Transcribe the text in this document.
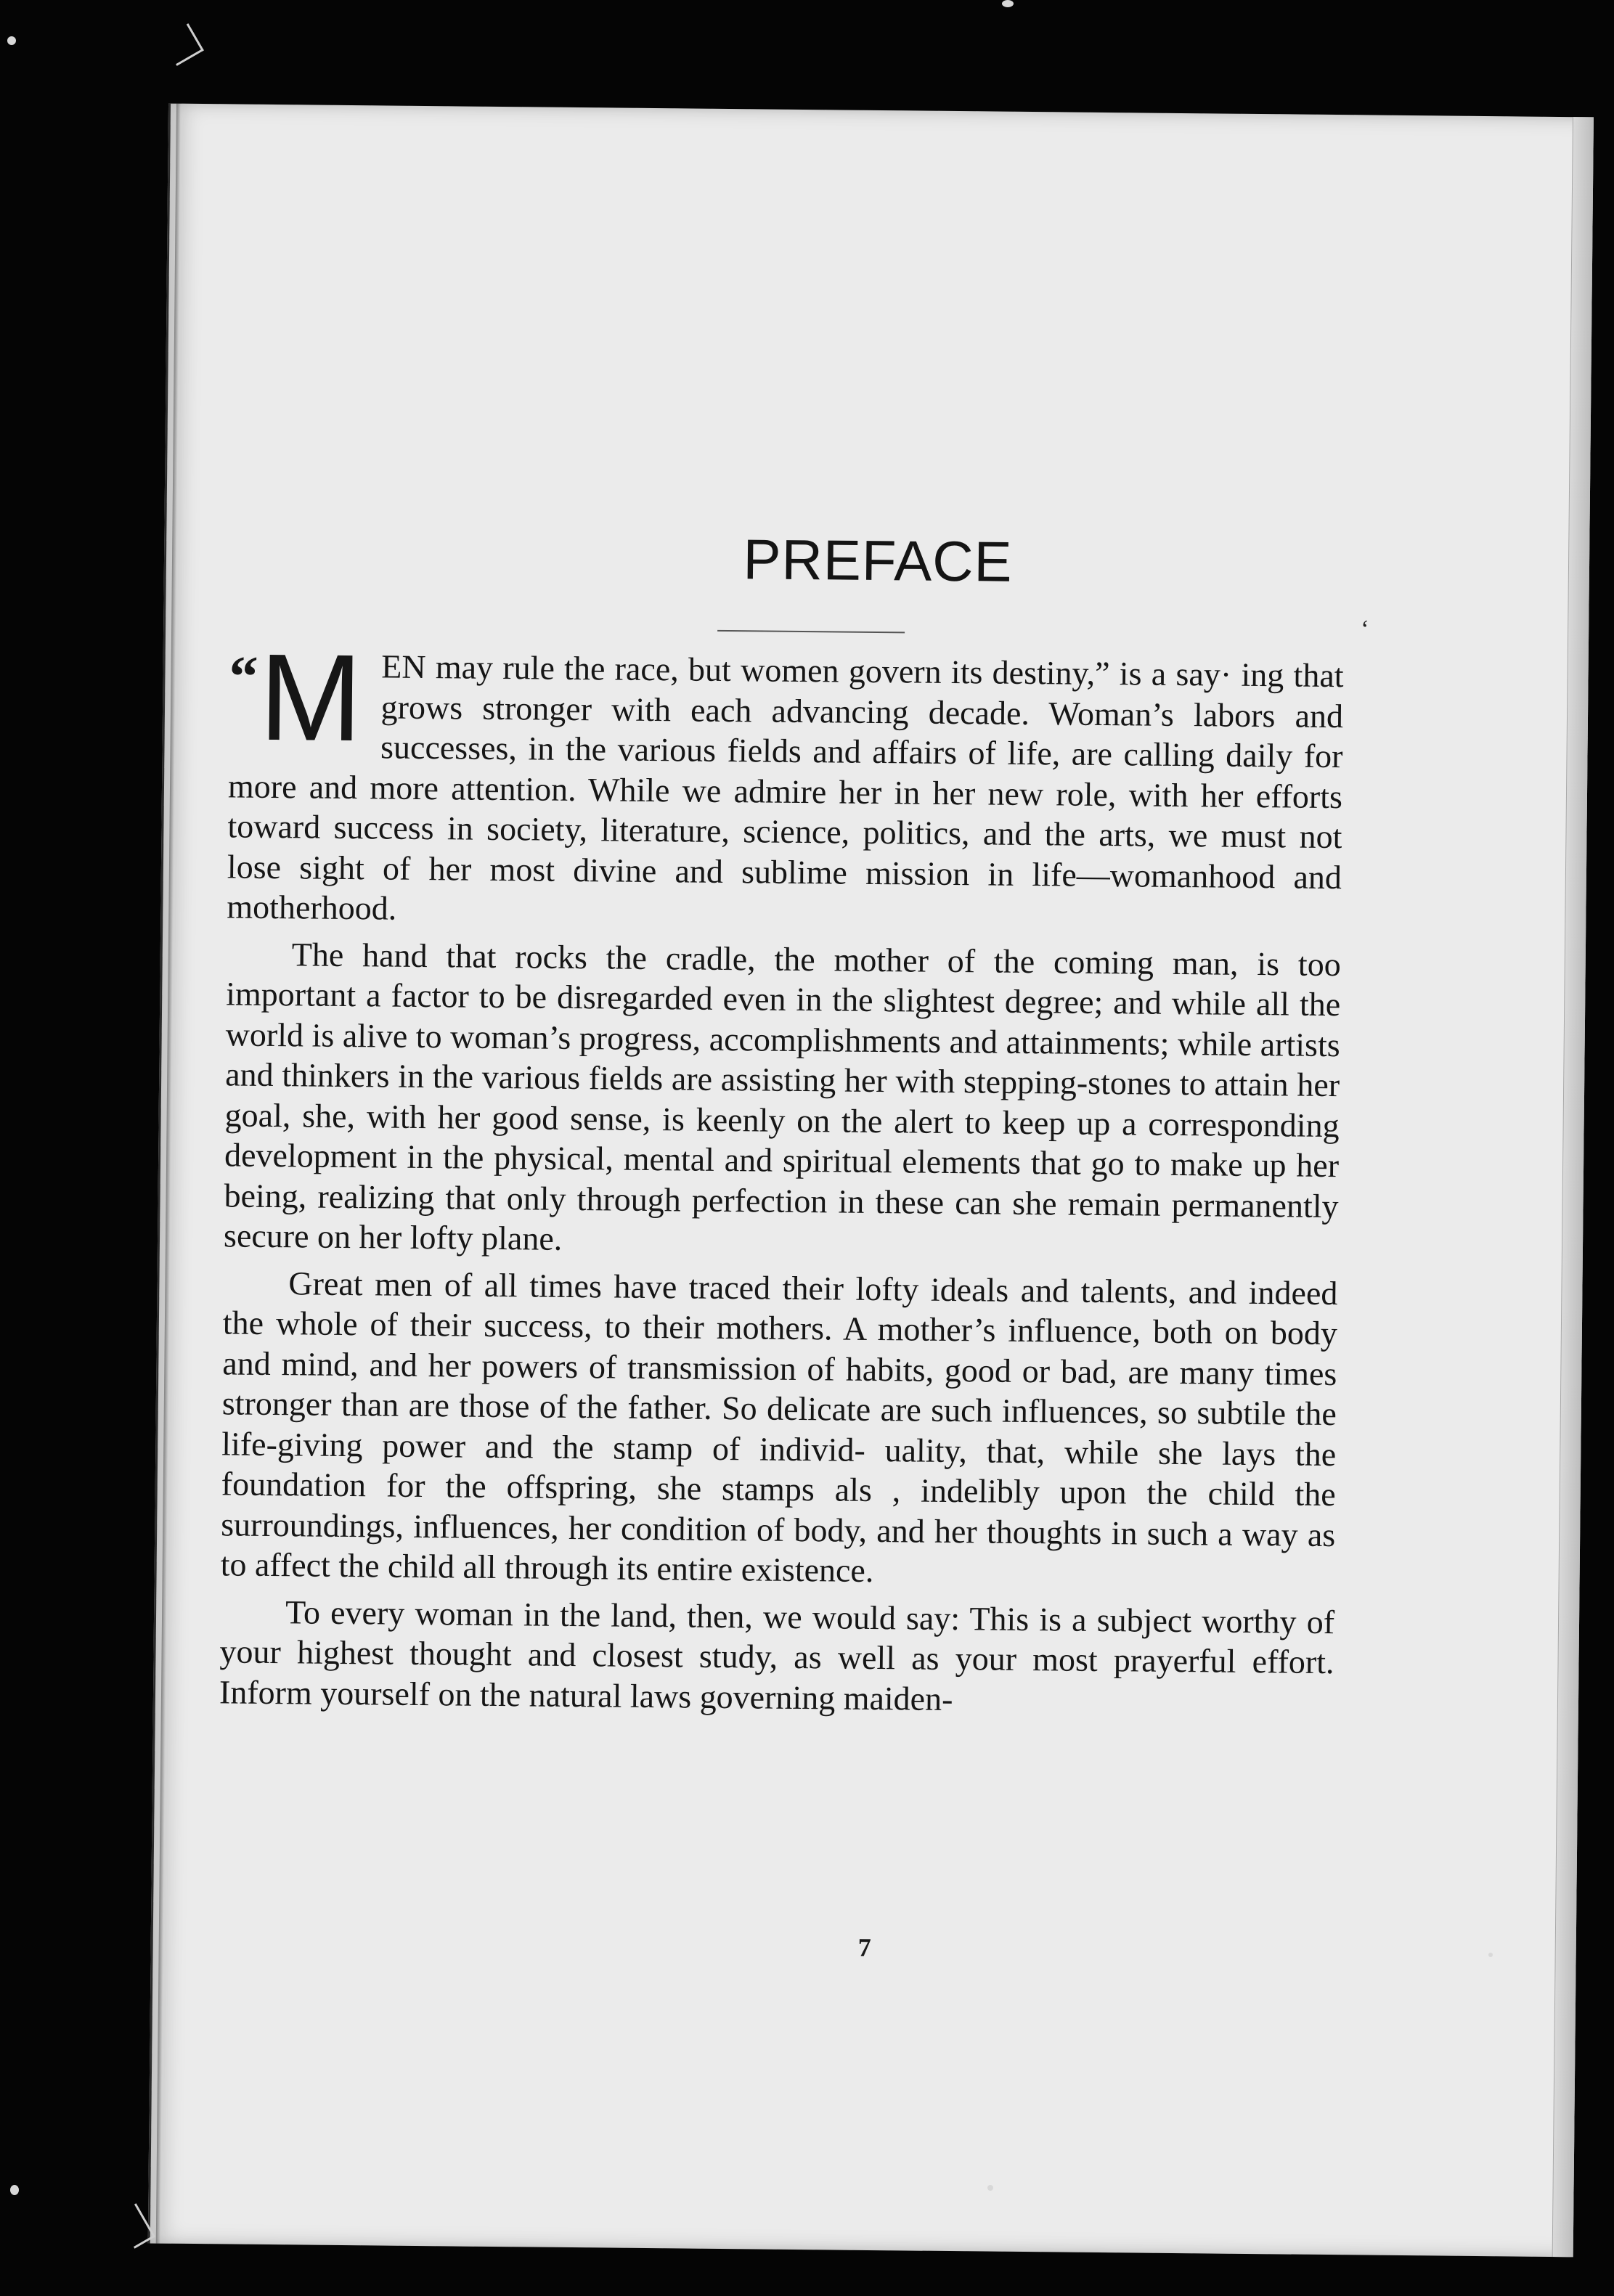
PREFACE
‘

“ M EN may rule the race, but women govern its destiny,” is a say· ing that grows stronger with each advancing decade. Woman’s labors and successes, in the various fields and affairs of life, are calling daily for more and more attention. While we admire her in her new role, with her efforts toward success in society, literature, science, politics, and the arts, we must not lose sight of her most divine and sublime mission in life—womanhood and motherhood.

The hand that rocks the cradle, the mother of the coming man, is too important a factor to be disregarded even in the slightest degree; and while all the world is alive to woman’s progress, accomplishments and attainments; while artists and thinkers in the various fields are assisting her with stepping-stones to attain her goal, she, with her good sense, is keenly on the alert to keep up a corresponding development in the physical, mental and spiritual elements that go to make up her being, realizing that only through perfection in these can she remain permanently secure on her lofty plane.

Great men of all times have traced their lofty ideals and talents, and indeed the whole of their success, to their mothers. A mother’s influence, both on body and mind, and her powers of transmission of habits, good or bad, are many times stronger than are those of the father. So delicate are such influences, so subtile the life-giving power and the stamp of individ- uality, that, while she lays the foundation for the offspring, she stamps als , indelibly upon the child the surroundings, influences, her condition of body, and her thoughts in such a way as to affect the child all through its entire existence.

To every woman in the land, then, we would say: This is a subject worthy of your highest thought and closest study, as well as your most prayerful effort. Inform yourself on the natural laws governing maiden-

7
